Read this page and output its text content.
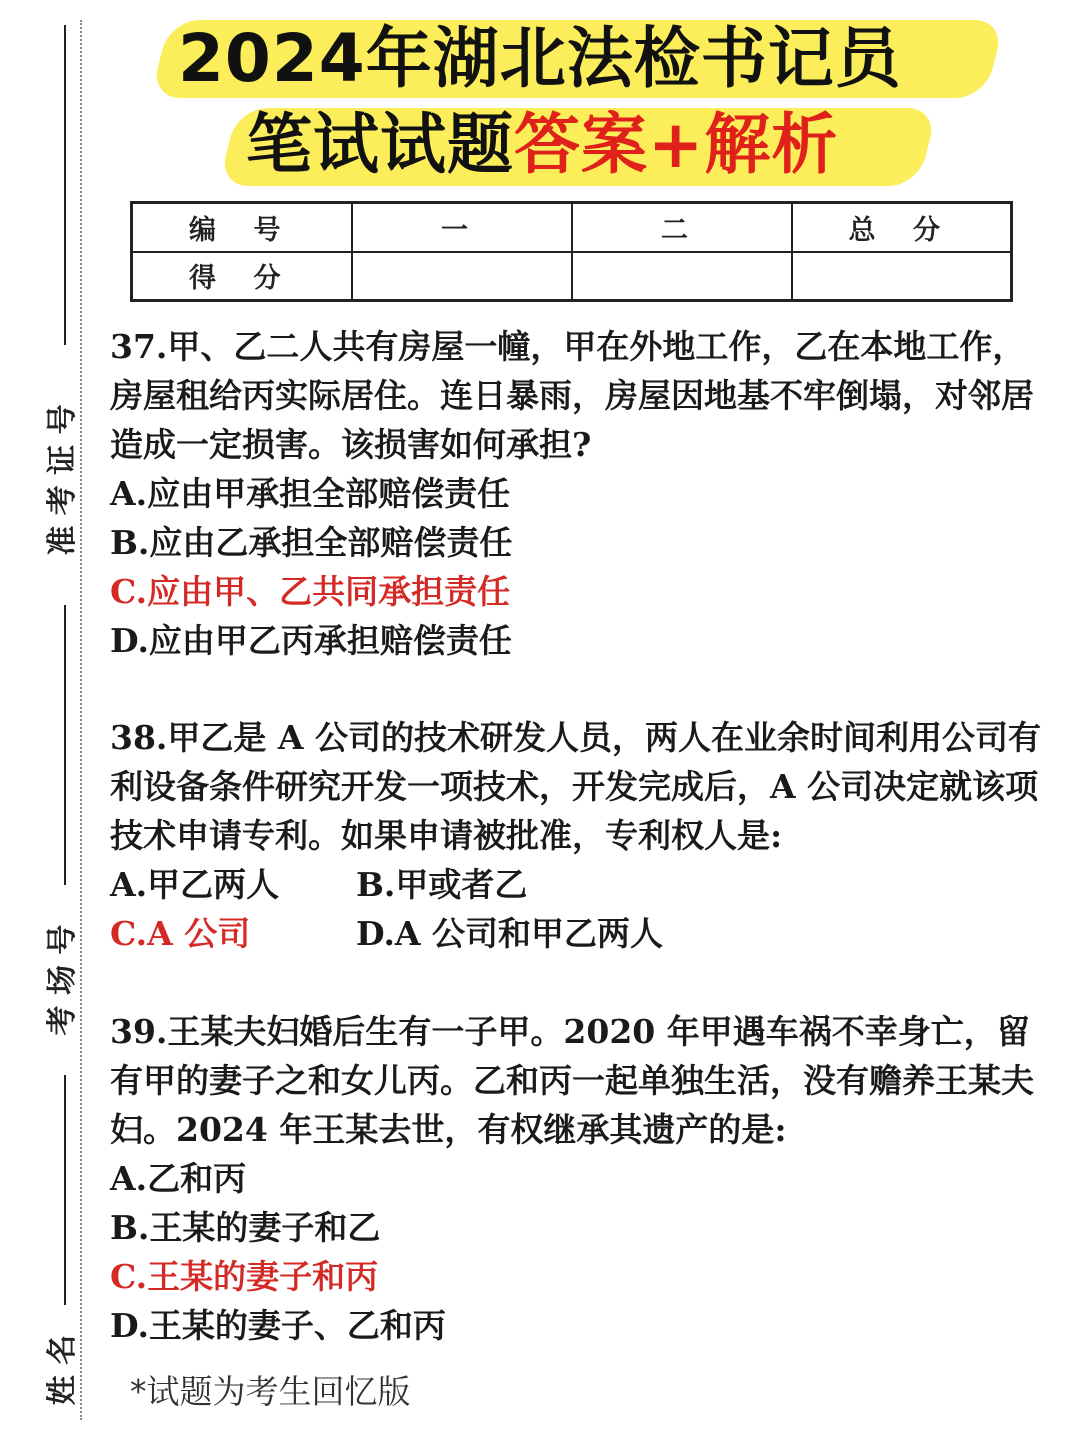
2024年湖北法检书记员
笔试试题答案+解析
编 号	一	二	总 分
得 分			
准 考 证 号
考 场 号
姓 名

37.甲、乙二人共有房屋一幢，甲在外地工作，乙在本地工作，房屋租给丙实际居住。连日暴雨，房屋因地基不牢倒塌，对邻居造成一定损害。该损害如何承担?

A.应由甲承担全部赔偿责任

B.应由乙承担全部赔偿责任

C.应由甲、乙共同承担责任

D.应由甲乙丙承担赔偿责任

38.甲乙是 A 公司的技术研发人员，两人在业余时间利用公司有利设备条件研究开发一项技术，开发完成后，A 公司决定就该项技术申请专利。如果申请被批准，专利权人是:

A.甲乙两人	B.甲或者乙
C.A 公司	D.A 公司和甲乙两人

39.王某夫妇婚后生有一子甲。2020 年甲遇车祸不幸身亡，留有甲的妻子之和女儿丙。乙和丙一起单独生活，没有赡养王某夫妇。2024 年王某去世，有权继承其遗产的是:

A.乙和丙

B.王某的妻子和乙

C.王某的妻子和丙

D.王某的妻子、乙和丙

*试题为考生回忆版
